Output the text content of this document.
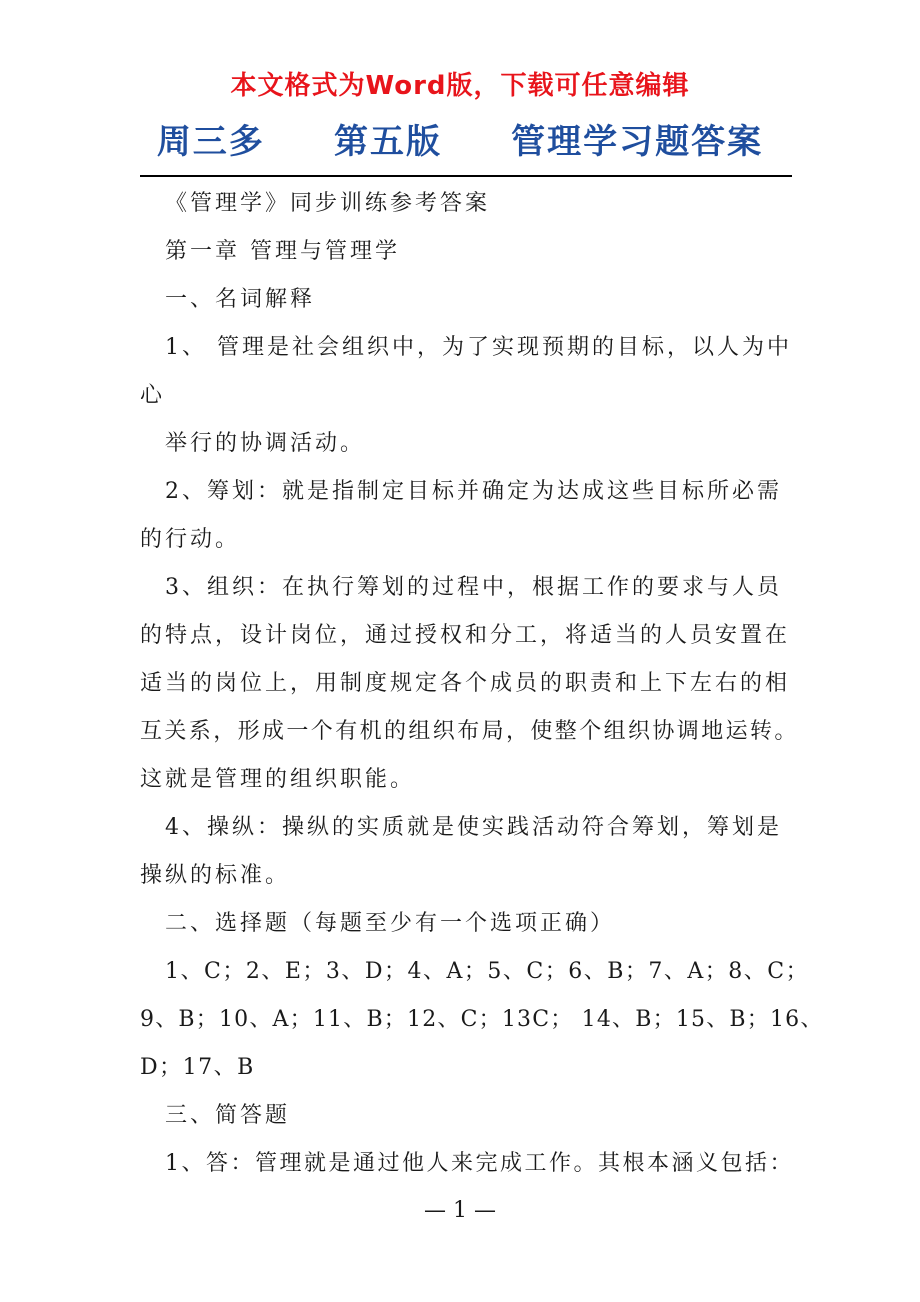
本文格式为Word版，下载可任意编辑
周三多     第五版     管理学习题答案
《管理学》同步训练参考答案
第一章 管理与管理学
一、名词解释
1、 管理是社会组织中，为了实现预期的目标，以人为中
心
举行的协调活动。
2、筹划：就是指制定目标并确定为达成这些目标所必需
的行动。
3、组织：在执行筹划的过程中，根据工作的要求与人员
的特点，设计岗位，通过授权和分工，将适当的人员安置在
适当的岗位上，用制度规定各个成员的职责和上下左右的相
互关系，形成一个有机的组织布局，使整个组织协调地运转。
这就是管理的组织职能。
4、操纵：操纵的实质就是使实践活动符合筹划，筹划是
操纵的标准。
二、选择题（每题至少有一个选项正确）
1、C；2、E；3、D；4、A；5、C；6、B；7、A；8、C；
9、B；10、A；11、B；12、C；13C； 14、B；15、B；16、
D；17、B
三、简答题
1、答：管理就是通过他人来完成工作。其根本涵义包括：
— 1 —
